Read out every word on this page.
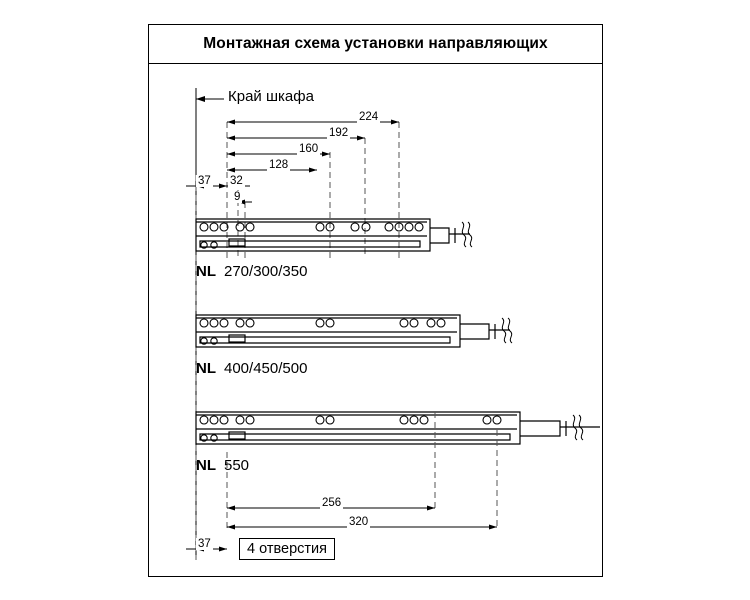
Монтажная схема установки направляющих
Край шкафа
224
192
160
128
37 32
9
NL 270/300/350
NL 400/450/500
NL 550
256
320
37	4 отверстия
